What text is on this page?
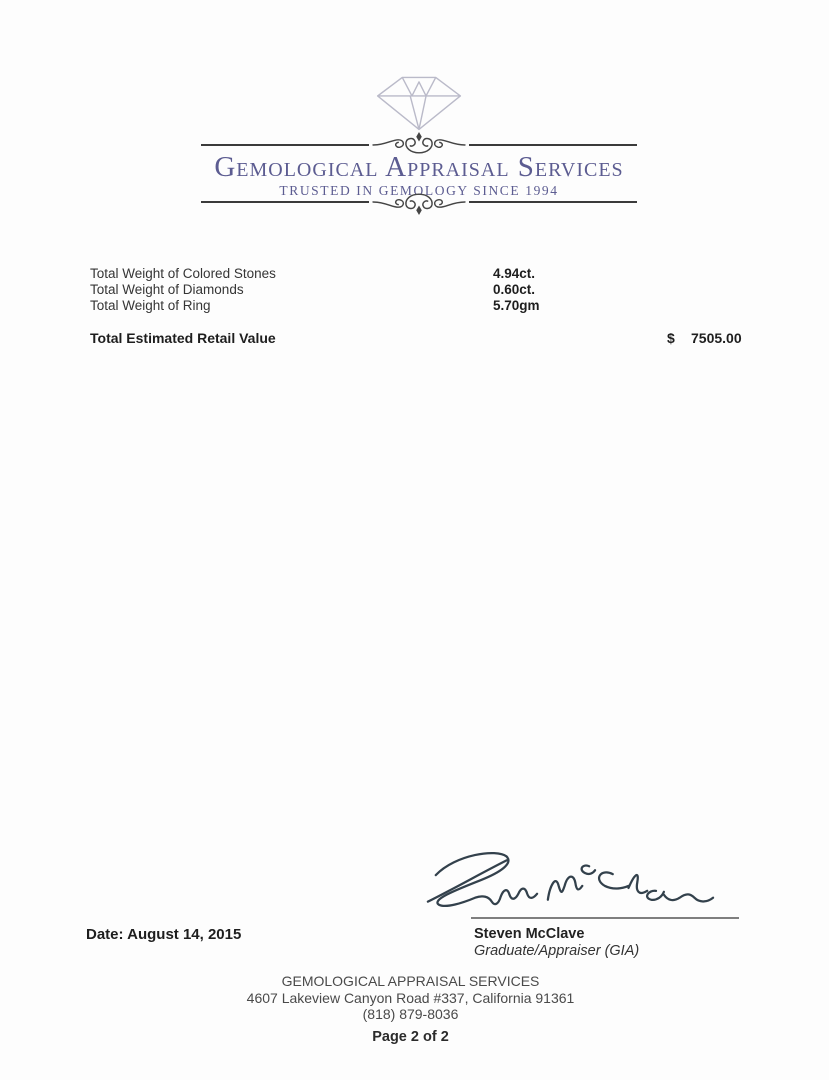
Gemological Appraisal Services
TRUSTED IN GEMOLOGY SINCE 1994
Total Weight of Colored Stones	4.94ct.
Total Weight of Diamonds	0.60ct.
Total Weight of Ring	5.70gm
Total Estimated Retail Value	$ 7505.00
Steven McClave
Graduate/Appraiser (GIA)
Date: August 14, 2015
GEMOLOGICAL APPRAISAL SERVICES
4607 Lakeview Canyon Road #337, California 91361
(818) 879-8036
Page 2 of 2
